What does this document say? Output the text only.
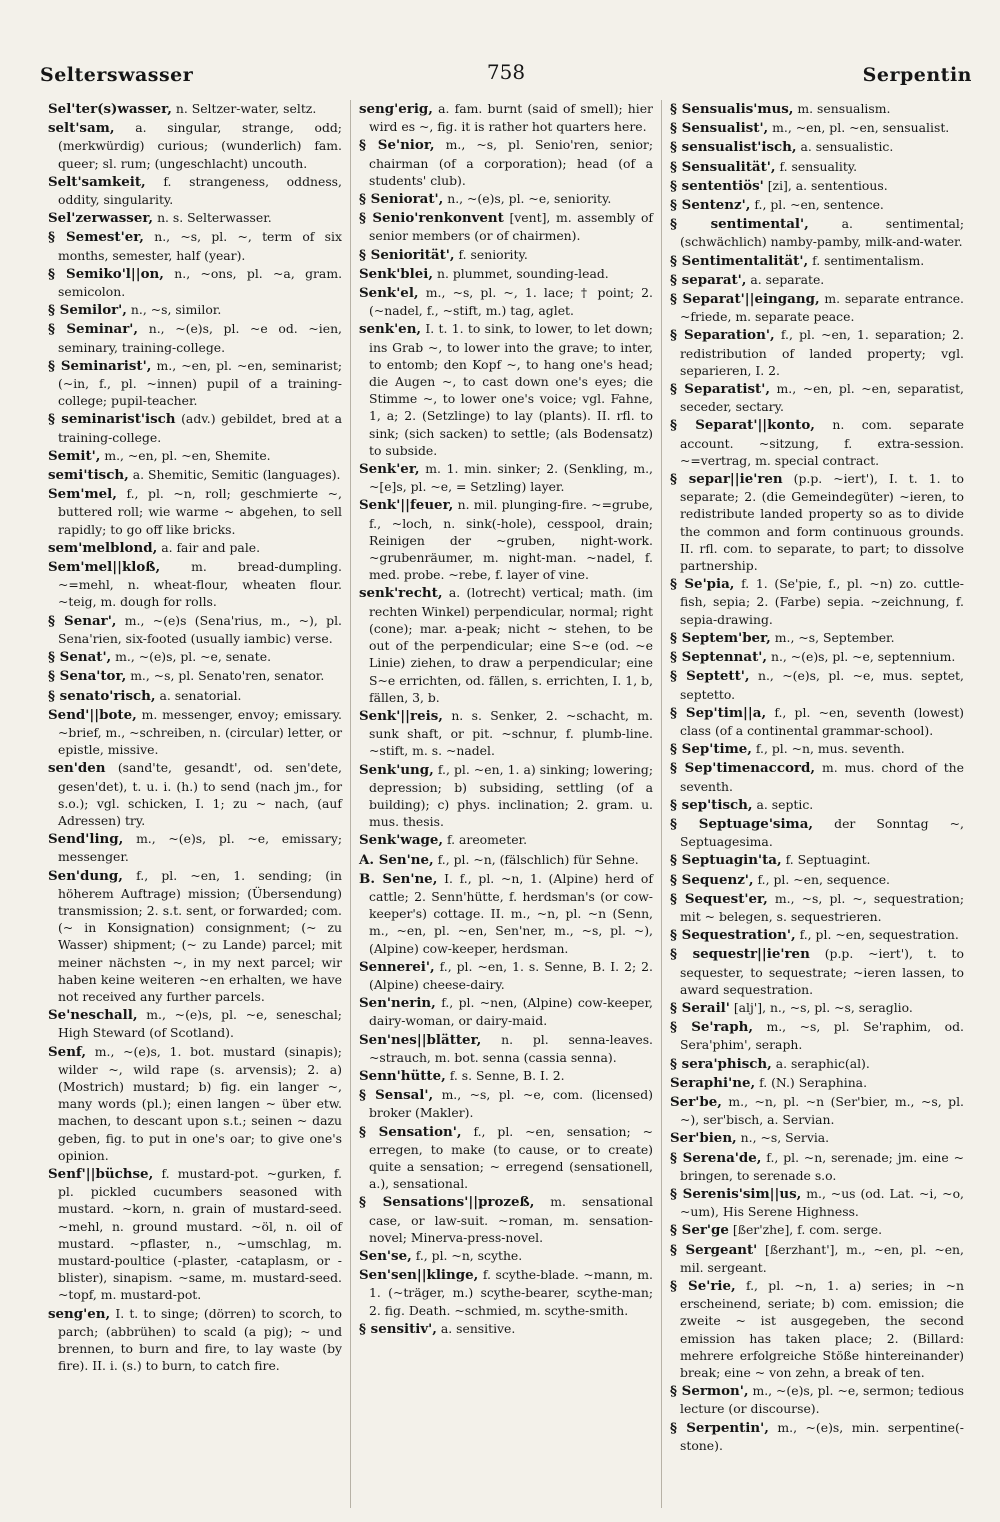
Selterswasser	758	Serpentin

Sel'ter(s)wasser, n. Seltzer-water, seltz.

selt'sam, a. singular, strange, odd; (merkwürdig) curious; (wunderlich) fam. queer; sl. rum; (ungeschlacht) uncouth.

Selt'samkeit, f. strangeness, oddness, oddity, singularity.

Sel'zerwasser, n. s. Selterwasser.

§ Semest'er, n., ~s, pl. ~, term of six months, semester, half (year).

§ Semiko'l||on, n., ~ons, pl. ~a, gram. semicolon.

§ Semilor', n., ~s, similor.

§ Seminar', n., ~(e)s, pl. ~e od. ~ien, seminary, training-college.

§ Seminarist', m., ~en, pl. ~en, seminarist; (~in, f., pl. ~innen) pupil of a training-college; pupil-teacher.

§ seminarist'isch (adv.) gebildet, bred at a training-college.

Semit', m., ~en, pl. ~en, Shemite.

semi'tisch, a. Shemitic, Semitic (languages).

Sem'mel, f., pl. ~n, roll; geschmierte ~, buttered roll; wie warme ~ abgehen, to sell rapidly; to go off like bricks.

sem'melblond, a. fair and pale.

Sem'mel||kloß,	m. bread-dumpling. ~=mehl, n. wheat-flour, wheaten flour. ~teig, m. dough for rolls.

§ Senar', m., ~(e)s (Sena'rius, m., ~), pl. Sena'rien, six-footed (usually iambic) verse.

§ Senat', m., ~(e)s, pl. ~e, senate.

§ Sena'tor, m., ~s, pl. Senato'ren, senator.

§ senato'risch, a. senatorial.

Send'||bote, m. messenger, envoy; emissary. ~brief, m., ~schreiben, n. (circular) letter, or epistle, missive.

sen'den (sand'te, gesandt', od. sen'dete, gesen'det), t. u. i. (h.) to send (nach jm., for s.o.); vgl. schicken, I. 1; zu ~ nach, (auf Adressen) try.

Send'ling, m., ~(e)s, pl. ~e, emissary; messenger.

Sen'dung, f., pl. ~en, 1. sending; (in höherem Auftrage) mission; (Übersendung) transmission; 2. s.t. sent, or forwarded; com. (~ in Konsignation) consignment; (~ zu Wasser) shipment; (~ zu Lande) parcel; mit meiner nächsten ~, in my next parcel; wir haben keine weiteren ~en erhalten, we have not received any further parcels.

Se'neschall, m., ~(e)s, pl. ~e, seneschal; High Steward (of Scotland).

Senf, m., ~(e)s, 1. bot. mustard (sinapis); wilder ~, wild rape (s. arvensis); 2. a) (Mostrich) mustard; b) fig. ein langer ~, many words (pl.); einen langen ~ über etw. machen, to descant upon s.t.; seinen ~ dazu geben, fig. to put in one's oar; to give one's opinion.

Senf'||büchse, f. mustard-pot. ~gurken, f. pl. pickled cucumbers seasoned with mustard. ~korn, n. grain of mustard-seed. ~mehl, n. ground mustard. ~öl, n. oil of mustard. ~pflaster, n., ~umschlag, m. mustard-poultice (-plaster, -cataplasm, or -blister), sinapism. ~same, m. mustard-seed. ~topf, m. mustard-pot.

seng'en, I. t. to singe; (dörren) to scorch, to parch; (abbrühen) to scald (a pig); ~ und brennen, to burn and fire, to lay waste (by fire). II. i. (s.) to burn, to catch fire.

seng'erig, a. fam. burnt (said of smell); hier wird es ~, fig. it is rather hot quarters here.

§ Se'nior, m., ~s, pl. Senio'ren, senior; chairman (of a corporation); head (of a students' club).

§ Seniorat', n., ~(e)s, pl. ~e, seniority.

§ Senio'renkonvent [vent], m. assembly of senior members (or of chairmen).

§ Seniorität', f. seniority.

Senk'blei, n. plummet, sounding-lead.

Senk'el, m., ~s, pl. ~, 1. lace; † point; 2. (~nadel, f., ~stift, m.) tag, aglet.

senk'en, I. t. 1. to sink, to lower, to let down; ins Grab ~, to lower into the grave; to inter, to entomb; den Kopf ~, to hang one's head; die Augen ~, to cast down one's eyes; die Stimme ~, to lower one's voice; vgl. Fahne, 1, a; 2. (Setzlinge) to lay (plants). II. rfl. to sink; (sich sacken) to settle; (als Bodensatz) to subside.

Senk'er, m. 1. min. sinker; 2. (Senkling, m., ~[e]s, pl. ~e, = Setzling) layer.

Senk'||feuer, n. mil. plunging-fire. ~=grube, f., ~loch, n. sink(-hole), cesspool, drain; Reinigen der ~gruben, night-work. ~grubenräumer, m. night-man. ~nadel, f. med. probe. ~rebe, f. layer of vine.

senk'recht, a. (lotrecht) vertical; math. (im rechten Winkel) perpendicular, normal; right (cone); mar. a-peak; nicht ~ stehen, to be out of the perpendicular; eine S~e (od. ~e Linie) ziehen, to draw a perpendicular; eine S~e errichten, od. fällen, s. errichten, I. 1, b, fällen, 3, b.

Senk'||reis, n. s. Senker, 2. ~schacht, m. sunk shaft, or pit. ~schnur, f. plumb-line. ~stift, m. s. ~nadel.

Senk'ung, f., pl. ~en, 1. a) sinking; lowering; depression; b) subsiding, settling (of a building); c) phys. inclination; 2. gram. u. mus. thesis.

Senk'wage, f. areometer.

A. Sen'ne, f., pl. ~n, (fälschlich) für Sehne.

B. Sen'ne, I. f., pl. ~n, 1. (Alpine) herd of cattle; 2. Senn'hütte, f. herdsman's (or cow-keeper's) cottage. II. m., ~n, pl. ~n (Senn, m., ~en, pl. ~en, Sen'ner, m., ~s, pl. ~), (Alpine) cow-keeper, herdsman.

Sennerei', f., pl. ~en, 1. s. Senne, B. I. 2; 2. (Alpine) cheese-dairy.

Sen'nerin, f., pl. ~nen, (Alpine) cow-keeper, dairy-woman, or dairy-maid.

Sen'nes||blätter, n. pl. senna-leaves. ~strauch, m. bot. senna (cassia senna).

Senn'hütte, f. s. Senne, B. I. 2.

§ Sensal', m., ~s, pl. ~e, com. (licensed) broker (Makler).

§ Sensation', f., pl. ~en, sensation; ~ erregen, to make (to cause, or to create) quite a sensation; ~ erregend (sensationell, a.), sensational.

§ Sensations'||prozeß, m. sensational case, or law-suit. ~roman, m. sensation-novel; Minerva-press-novel.

Sen'se, f., pl. ~n, scythe.

Sen'sen||klinge, f. scythe-blade. ~mann, m. 1. (~träger, m.) scythe-bearer, scythe-man; 2. fig. Death. ~schmied, m. scythe-smith.

§ sensitiv', a. sensitive.

§ Sensualis'mus, m. sensualism.

§ Sensualist', m., ~en, pl. ~en, sensualist.

§ sensualist'isch, a. sensualistic.

§ Sensualität', f. sensuality.

§ sententiös' [zi], a. sententious.

§ Sentenz', f., pl. ~en, sentence.

§ sentimental',	a. sentimental; (schwächlich) namby-pamby, milk-and-water.

§ Sentimentalität', f. sentimentalism.

§ separat', a. separate.

§ Separat'||eingang, m. separate entrance. ~friede, m. separate peace.

§ Separation', f., pl. ~en, 1. separation; 2. redistribution of landed property; vgl. separieren, I. 2.

§ Separatist', m., ~en, pl. ~en, separatist, seceder, sectary.

§ Separat'||konto, n. com. separate account. ~sitzung, f. extra-session. ~=vertrag, m. special contract.

§ separ||ie'ren (p.p. ~iert'), I. t. 1. to separate; 2. (die Gemeindegüter) ~ieren, to redistribute landed property so as to divide the common and form continuous grounds. II. rfl. com. to separate, to part; to dissolve partnership.

§ Se'pia, f. 1. (Se'pie, f., pl. ~n) zo. cuttle-fish, sepia; 2. (Farbe) sepia. ~zeichnung, f. sepia-drawing.

§ Septem'ber, m., ~s, September.

§ Septennat', n., ~(e)s, pl. ~e, septennium.

§ Septett', n., ~(e)s, pl. ~e, mus. septet, septetto.

§ Sep'tim||a, f., pl. ~en, seventh (lowest) class (of a continental grammar-school).

§ Sep'time, f., pl. ~n, mus. seventh.

§ Sep'timenaccord, m. mus. chord of the seventh.

§ sep'tisch, a. septic.

§ Septuage'sima, der Sonntag ~, Septuagesima.

§ Septuagin'ta, f. Septuagint.

§ Sequenz', f., pl. ~en, sequence.

§ Sequest'er, m., ~s, pl. ~, sequestration; mit ~ belegen, s. sequestrieren.

§ Sequestration', f., pl. ~en, sequestration.

§ sequestr||ie'ren (p.p. ~iert'), t. to sequester, to sequestrate; ~ieren lassen, to award sequestration.

§ Serail' [alj'], n., ~s, pl. ~s, seraglio.

§ Se'raph, m., ~s, pl. Se'raphim, od. Sera'phim', seraph.

§ sera'phisch, a. seraphic(al).

Seraphi'ne, f. (N.) Seraphina.

Ser'be, m., ~n, pl. ~n (Ser'bier, m., ~s, pl. ~), ser'bisch, a. Servian.

Ser'bien, n., ~s, Servia.

§ Serena'de, f., pl. ~n, serenade; jm. eine ~ bringen, to serenade s.o.

§ Serenis'sim||us, m., ~us (od. Lat. ~i, ~o, ~um), His Serene Highness.

§ Ser'ge [ßer'zhe], f. com. serge.

§ Sergeant' [ßerzhant'], m., ~en, pl. ~en, mil. sergeant.

§ Se'rie, f., pl. ~n, 1. a) series; in ~n erscheinend, seriate; b) com. emission; die zweite ~ ist ausgegeben, the second emission has taken place; 2. (Billard: mehrere erfolgreiche Stöße hintereinander) break; eine ~ von zehn, a break of ten.

§ Sermon', m., ~(e)s, pl. ~e, sermon; tedious lecture (or discourse).

§ Serpentin', m., ~(e)s, min. serpentine(-stone).
